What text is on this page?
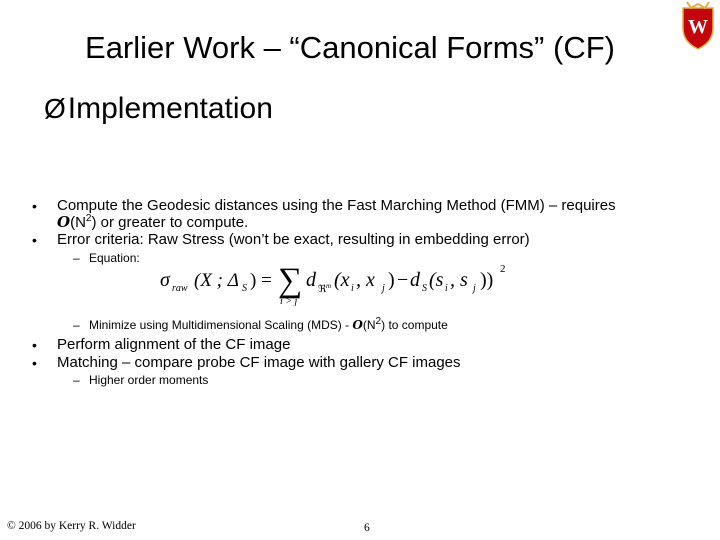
Earlier Work – “Canonical Forms” (CF)
W
Ø Implementation
• Compute the Geodesic distances using the Fast Marching Method (FMM) – requires
$O(N^2)$ or greater to compute.
• Error criteria: Raw Stress (won’t be exact, resulting in embedding error)
– Equation:
σ raw (X ; Δ S ) = ∑
i > j
d ℜ m (x i , x j ) − d S (s i , s j )) 2
– Minimize using Multidimensional Scaling $(MDS) - O(N^2)$ to compute
• Perform alignment of the CF image
• Matching – compare probe CF image with gallery CF images
– Higher order moments
© 2006 by Kerry R. Widder	6
